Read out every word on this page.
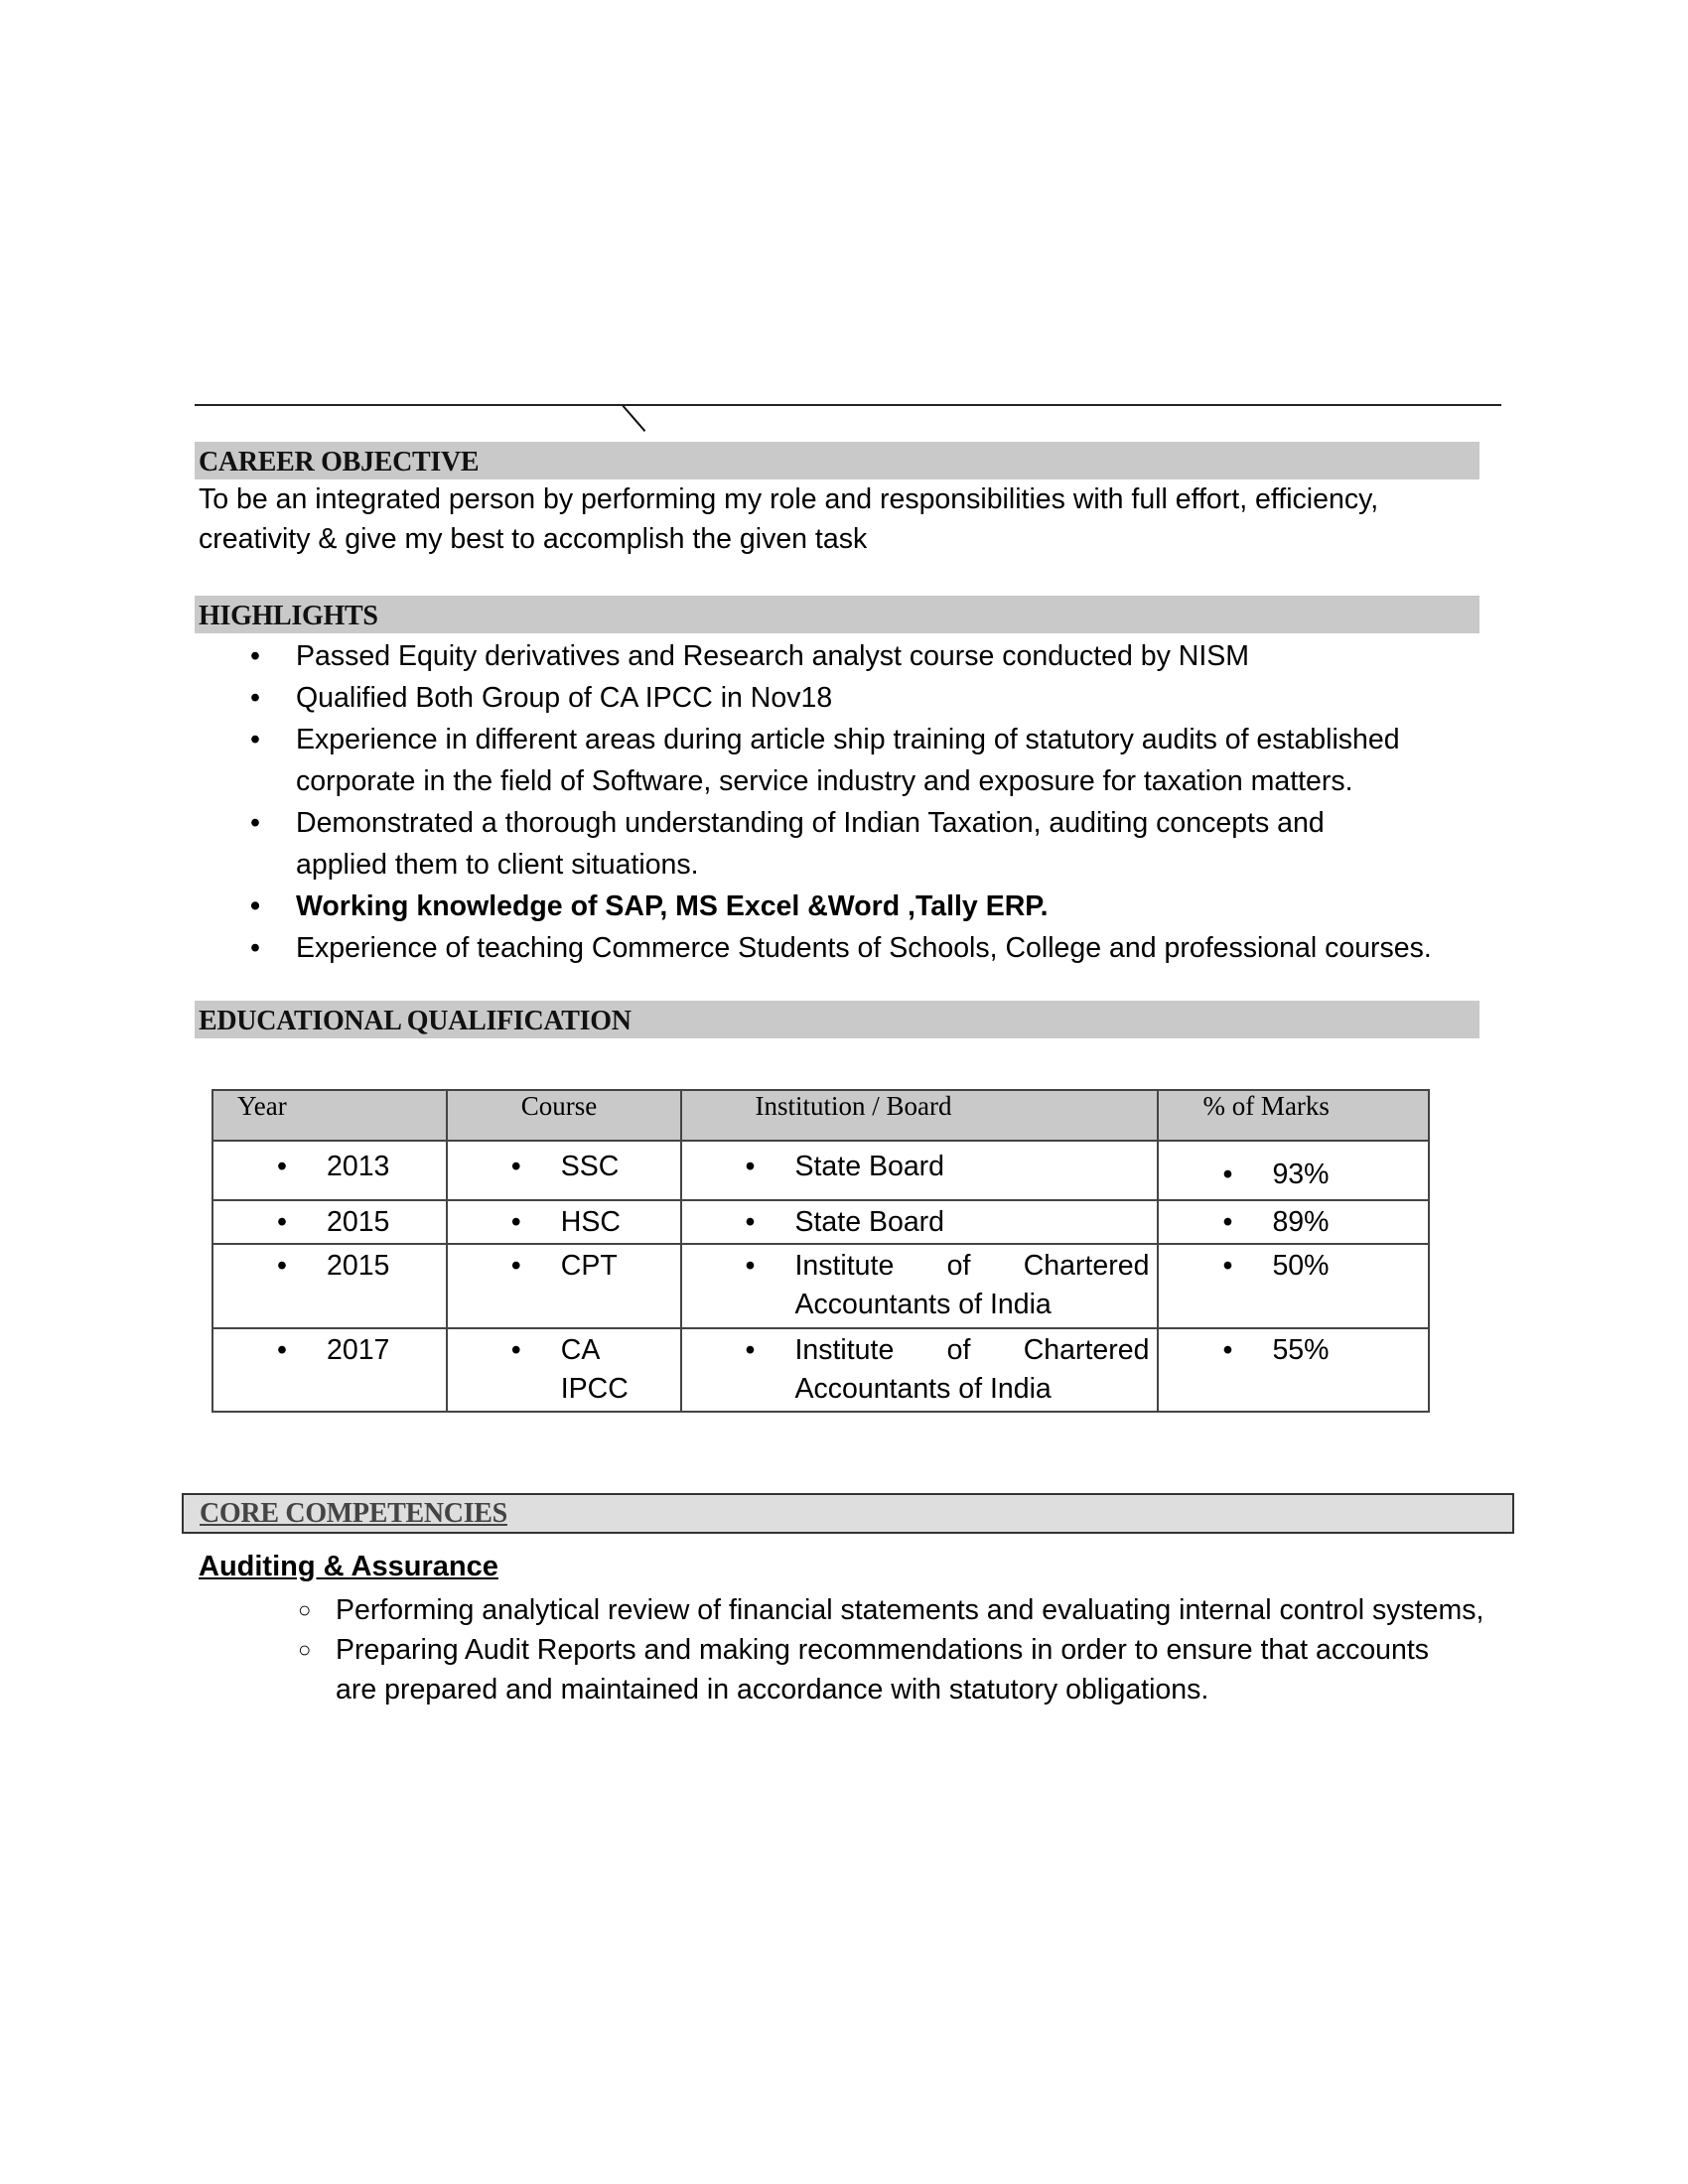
CAREER OBJECTIVE
To be an integrated person by performing my role and responsibilities with full effort, efficiency,
creativity & give my best to accomplish the given task
HIGHLIGHTS
• Passed Equity derivatives and Research analyst course conducted by NISM
• Qualified Both Group of CA IPCC in Nov18
• Experience in different areas during article ship training of statutory audits of established corporate in the field of Software, service industry and exposure for taxation matters.
• Demonstrated a thorough understanding of Indian Taxation, auditing concepts and applied them to client situations.
• Working knowledge of SAP, MS Excel &Word ,Tally ERP.
• Experience of teaching Commerce Students of Schools, College and professional courses.
EDUCATIONAL QUALIFICATION
Year	Course	Institution / Board	% of Marks

• 2013	• SSC	• State Board	• 93%

• 2015	• HSC	• State Board	• 89%

• 2015	• CPT	• Institute of Chartered
Accountants of India	• 50%

• 2017	• CA IPCC	• Institute of Chartered
Accountants of India	• 55%
CORE COMPETENCIES
Auditing & Assurance
○ Performing analytical review of financial statements and evaluating internal control systems,
○ Preparing Audit Reports and making recommendations in order to ensure that accounts are prepared and maintained in accordance with statutory obligations.
